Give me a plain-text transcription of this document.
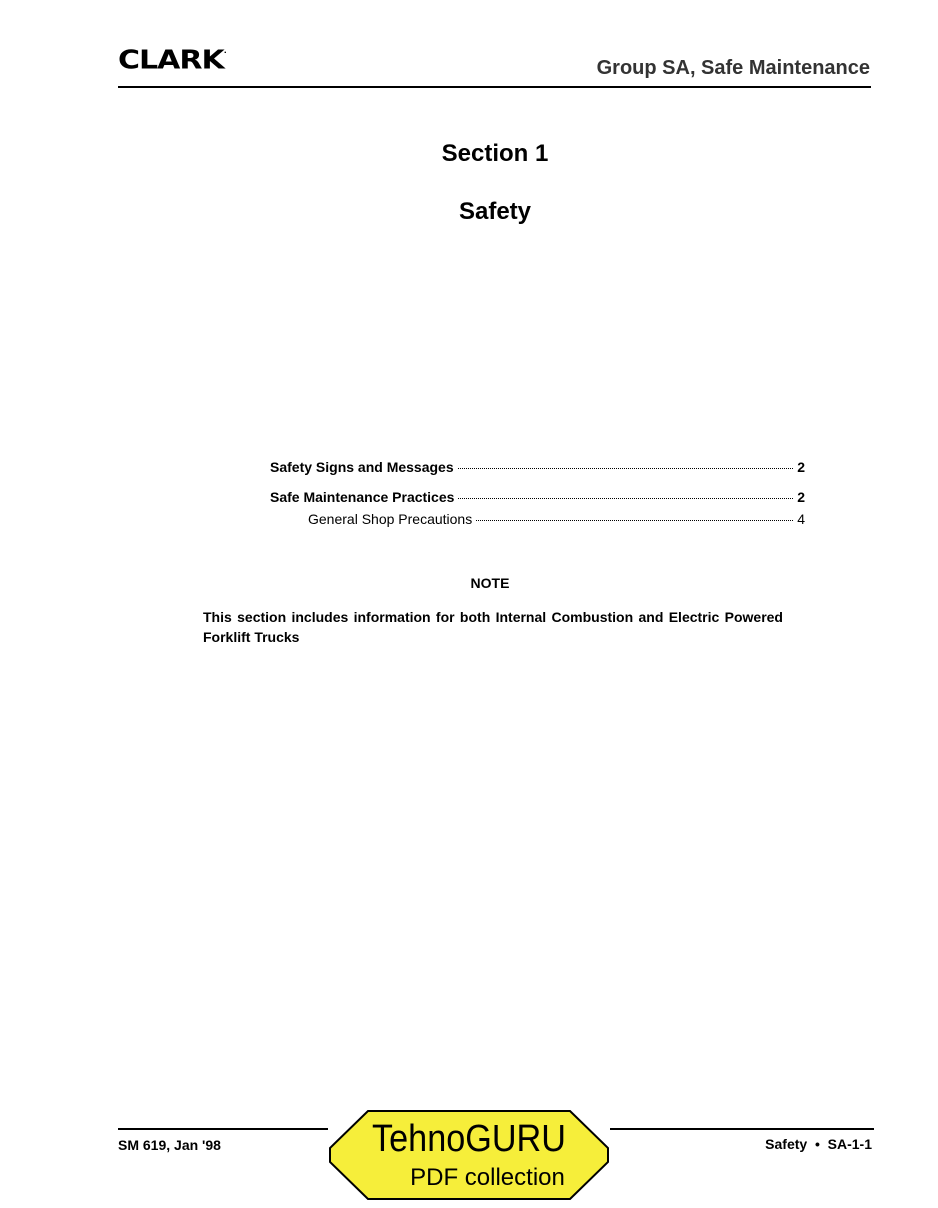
CLARK.
Group SA, Safe Maintenance
Section 1
Safety
Safety Signs and Messages	2
Safe Maintenance Practices	2
General Shop Precautions	4
NOTE
This section includes information for both Internal Combustion and Electric Powered Forklift Trucks
SM 619, Jan '98	Safety  •  SA-1-1
TehnoGURU
PDF collection
